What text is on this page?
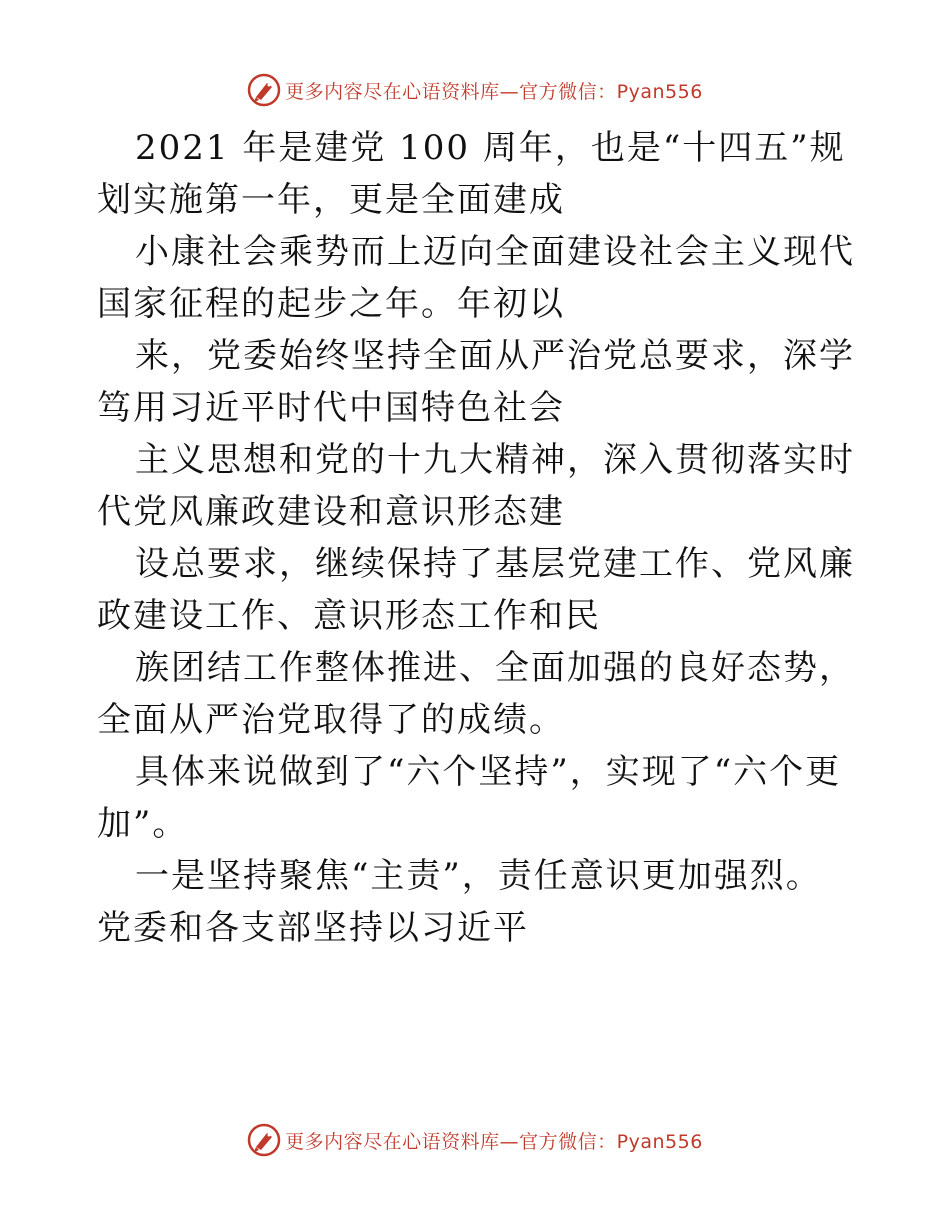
更多内容尽在心语资料库—官方微信：Pyan556

2021 年是建党 100 周年，也是“十四五”规划实施第一年，更是全面建成

小康社会乘势而上迈向全面建设社会主义现代国家征程的起步之年。年初以

来，党委始终坚持全面从严治党总要求，深学笃用习近平时代中国特色社会

主义思想和党的十九大精神，深入贯彻落实时代党风廉政建设和意识形态建

设总要求，继续保持了基层党建工作、党风廉政建设工作、意识形态工作和民

族团结工作整体推进、全面加强的良好态势，全面从严治党取得了的成绩。

具体来说做到了“六个坚持”，实现了“六个更加”。

一是坚持聚焦“主责”，责任意识更加强烈。党委和各支部坚持以习近平

更多内容尽在心语资料库—官方微信：Pyan556
